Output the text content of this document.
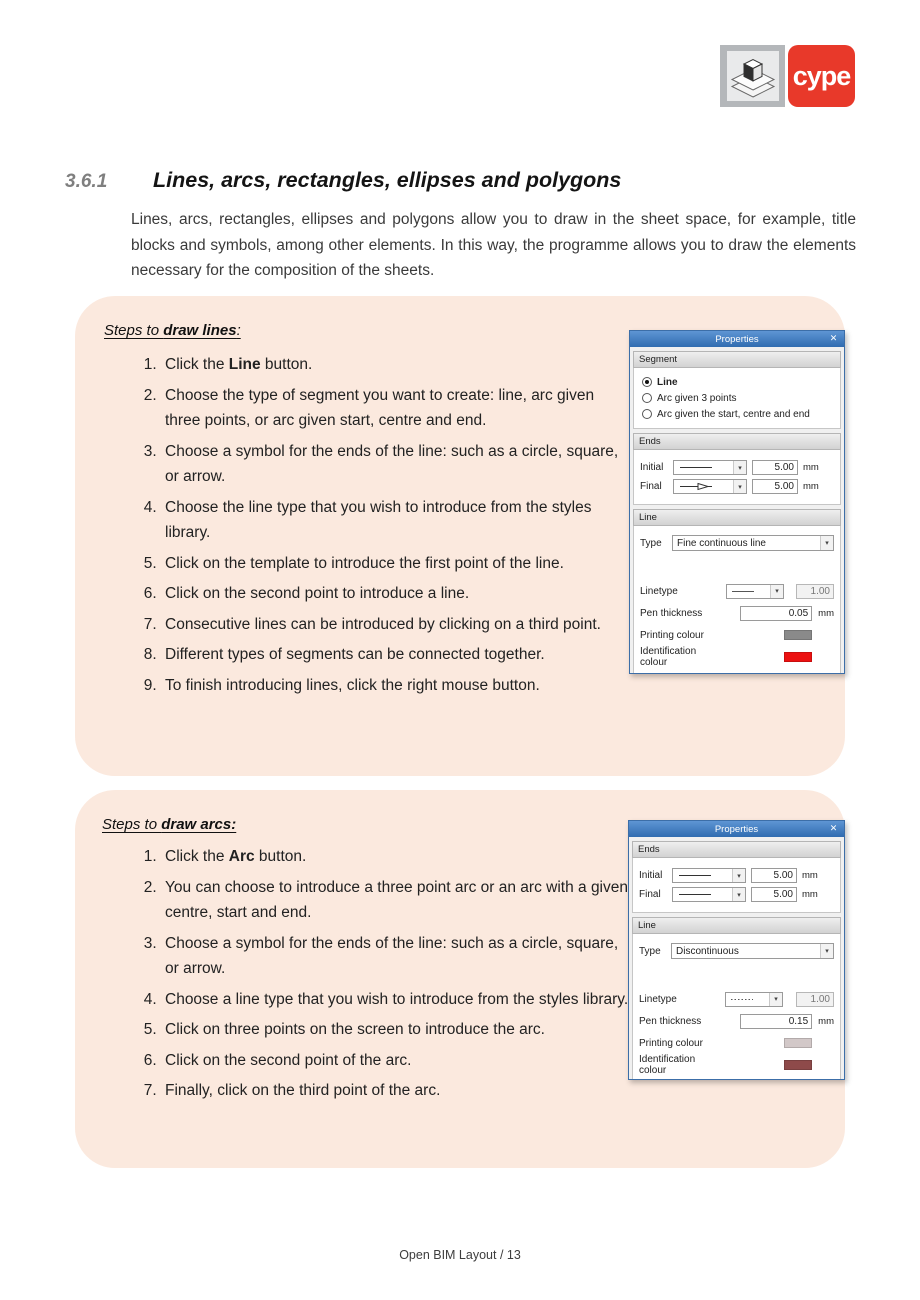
cype
3.6.1	Lines, arcs, rectangles, ellipses and polygons

Lines, arcs, rectangles, ellipses and polygons allow you to draw in the sheet space, for example, title blocks and symbols, among other elements. In this way, the programme allows you to draw the elements necessary for the composition of the sheets.

Steps to draw lines:
1. Click the Line button.
2. Choose the type of segment you want to create: line, arc given three points, or arc given start, centre and end.
3. Choose a symbol for the ends of the line: such as a circle, square, or arrow.
4. Choose the line type that you wish to introduce from the styles library.
5. Click on the template to introduce the first point of the line.
6. Click on the second point to introduce a line.
7. Consecutive lines can be introduced by clicking on a third point.
8. Different types of segments can be connected together.
9. To finish introducing lines, click the right mouse button.
Properties	✕
Segment
Line
Arc given 3 points
Arc given the start, centre and end
Ends
Initial	▾	5.00 mm
Final	▾	5.00 mm
Line
Type Fine continuous line	▾
Linetype	▾	1.00
Pen thickness	0.05	mm
Printing colour
Identification colour
Steps to draw arcs:
1. Click the Arc button.
2. You can choose to introduce a three point arc or an arc with a given centre, start and end.
3. Choose a symbol for the ends of the line: such as a circle, square, or arrow.
4. Choose a line type that you wish to introduce from the styles library.
5. Click on three points on the screen to introduce the arc.
6. Click on the second point of the arc.
7. Finally, click on the third point of the arc.
Properties	✕
Ends
Initial	▾	5.00 mm
Final	▾	5.00 mm
Line
Type Discontinuous	▾
Linetype	▾	1.00
Pen thickness	0.15	mm
Printing colour
Identification colour
Open BIM Layout / 13
